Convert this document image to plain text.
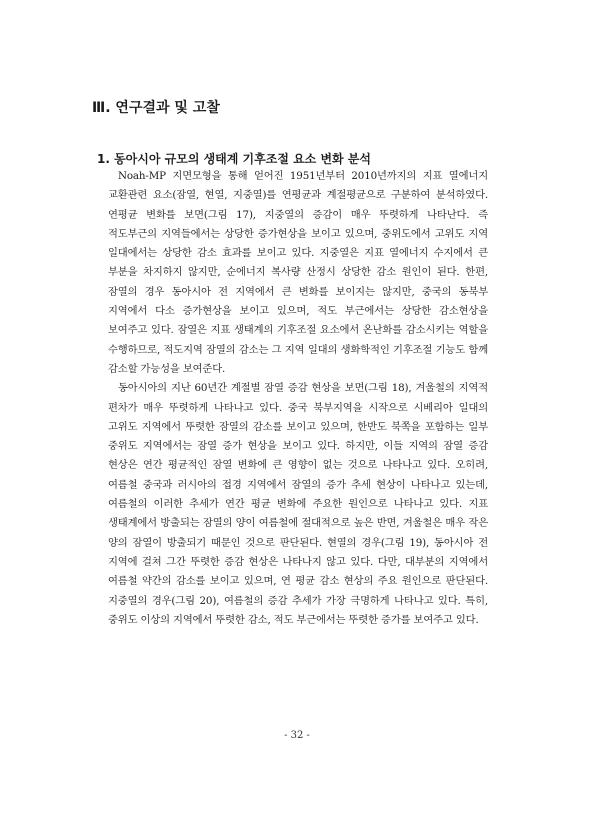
Ⅲ. 연구결과 및 고찰
1. 동아시아 규모의 생태계 기후조절 요소 변화 분석

Noah-MP 지면모형을 통해 얻어진 1951년부터 2010년까지의 지표 열에너지 교환관련 요소(잠열, 현열, 지중열)를 연평균과 계절평균으로 구분하여 분석하였다. 연평균 변화를 보면(그림 17), 지중열의 증감이 매우 뚜렷하게 나타난다. 즉 적도부근의 지역들에서는 상당한 증가현상을 보이고 있으며, 중위도에서 고위도 지역 일대에서는 상당한 감소 효과를 보이고 있다. 지중열은 지표 열에너지 수지에서 큰 부분을 차지하지 않지만, 순에너지 복사량 산정시 상당한 감소 원인이 된다. 한편, 잠열의 경우 동아시아 전 지역에서 큰 변화를 보이지는 않지만, 중국의 동북부 지역에서 다소 증가현상을 보이고 있으며, 적도 부근에서는 상당한 감소현상을 보여주고 있다. 잠열은 지표 생태계의 기후조절 요소에서 온난화를 감소시키는 역할을 수행하므로, 적도지역 잠열의 감소는 그 지역 일대의 생화학적인 기후조절 기능도 함께 감소할 가능성을 보여준다.

동아시아의 지난 60년간 계절별 잠열 증감 현상을 보면(그림 18), 겨울철의 지역적 편차가 매우 뚜렷하게 나타나고 있다. 중국 북부지역을 시작으로 시베리아 일대의 고위도 지역에서 뚜렷한 잠열의 감소를 보이고 있으며, 한반도 북쪽을 포함하는 일부 중위도 지역에서는 잠열 증가 현상을 보이고 있다. 하지만, 이들 지역의 잠열 증감 현상은 연간 평균적인 잠열 변화에 큰 영향이 없는 것으로 나타나고 있다. 오히려, 여름철 중국과 러시아의 접경 지역에서 잠열의 증가 추세 현상이 나타나고 있는데, 여름철의 이러한 추세가 연간 평균 변화에 주요한 원인으로 나타나고 있다. 지표 생태계에서 방출되는 잠열의 양이 여름철에 절대적으로 높은 반면, 겨울철은 매우 작은 양의 잠열이 방출되기 때문인 것으로 판단된다. 현열의 경우(그림 19), 동아시아 전 지역에 걸쳐 그간 뚜렷한 증감 현상은 나타나지 않고 있다. 다만, 대부분의 지역에서 여름철 약간의 감소를 보이고 있으며, 연 평균 감소 현상의 주요 원인으로 판단된다. 지중열의 경우(그림 20), 여름철의 증감 추세가 가장 극명하게 나타나고 있다. 특히, 중위도 이상의 지역에서 뚜렷한 감소, 적도 부근에서는 뚜렷한 증가를 보여주고 있다.

- 32 -
